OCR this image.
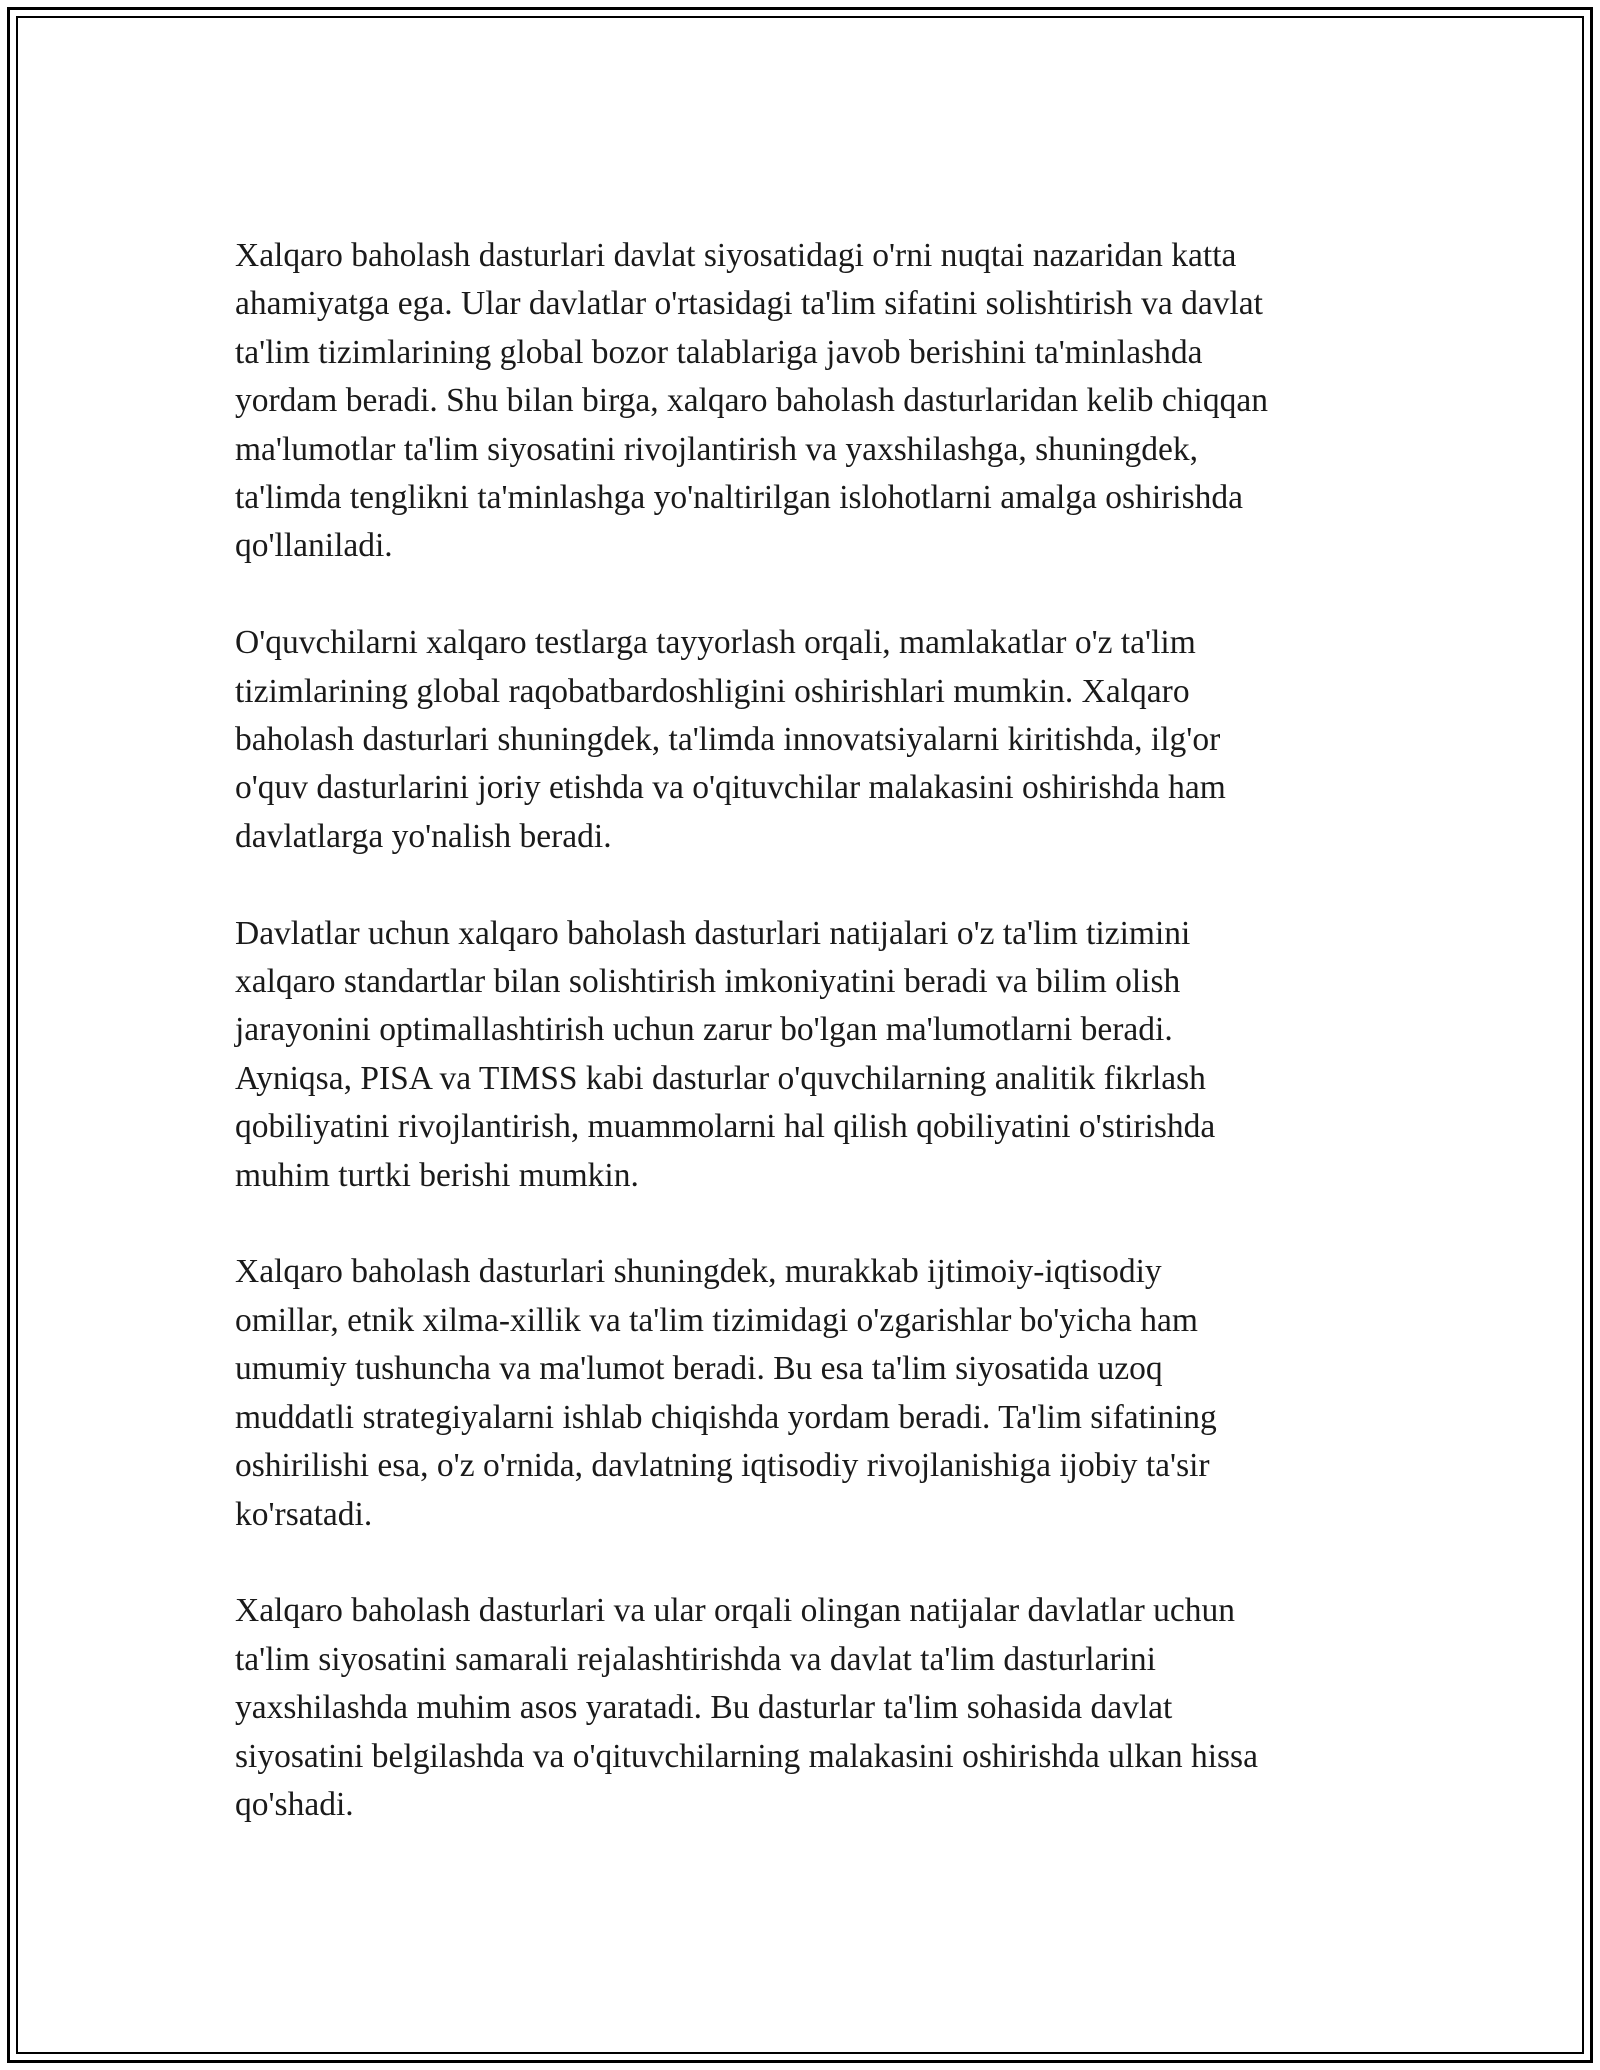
Xalqaro baholash dasturlari davlat siyosatidagi o'rni nuqtai nazaridan katta
ahamiyatga ega. Ular davlatlar o'rtasidagi ta'lim sifatini solishtirish va davlat
ta'lim tizimlarining global bozor talablariga javob berishini ta'minlashda
yordam beradi. Shu bilan birga, xalqaro baholash dasturlaridan kelib chiqqan
ma'lumotlar ta'lim siyosatini rivojlantirish va yaxshilashga, shuningdek,
ta'limda tenglikni ta'minlashga yo'naltirilgan islohotlarni amalga oshirishda
qo'llaniladi.

O'quvchilarni xalqaro testlarga tayyorlash orqali, mamlakatlar o'z ta'lim
tizimlarining global raqobatbardoshligini oshirishlari mumkin. Xalqaro
baholash dasturlari shuningdek, ta'limda innovatsiyalarni kiritishda, ilg'or
o'quv dasturlarini joriy etishda va o'qituvchilar malakasini oshirishda ham
davlatlarga yo'nalish beradi.

Davlatlar uchun xalqaro baholash dasturlari natijalari o'z ta'lim tizimini
xalqaro standartlar bilan solishtirish imkoniyatini beradi va bilim olish
jarayonini optimallashtirish uchun zarur bo'lgan ma'lumotlarni beradi.
Ayniqsa, PISA va TIMSS kabi dasturlar o'quvchilarning analitik fikrlash
qobiliyatini rivojlantirish, muammolarni hal qilish qobiliyatini o'stirishda
muhim turtki berishi mumkin.

Xalqaro baholash dasturlari shuningdek, murakkab ijtimoiy-iqtisodiy
omillar, etnik xilma-xillik va ta'lim tizimidagi o'zgarishlar bo'yicha ham
umumiy tushuncha va ma'lumot beradi. Bu esa ta'lim siyosatida uzoq
muddatli strategiyalarni ishlab chiqishda yordam beradi. Ta'lim sifatining
oshirilishi esa, o'z o'rnida, davlatning iqtisodiy rivojlanishiga ijobiy ta'sir
ko'rsatadi.

Xalqaro baholash dasturlari va ular orqali olingan natijalar davlatlar uchun
ta'lim siyosatini samarali rejalashtirishda va davlat ta'lim dasturlarini
yaxshilashda muhim asos yaratadi. Bu dasturlar ta'lim sohasida davlat
siyosatini belgilashda va o'qituvchilarning malakasini oshirishda ulkan hissa
qo'shadi.
